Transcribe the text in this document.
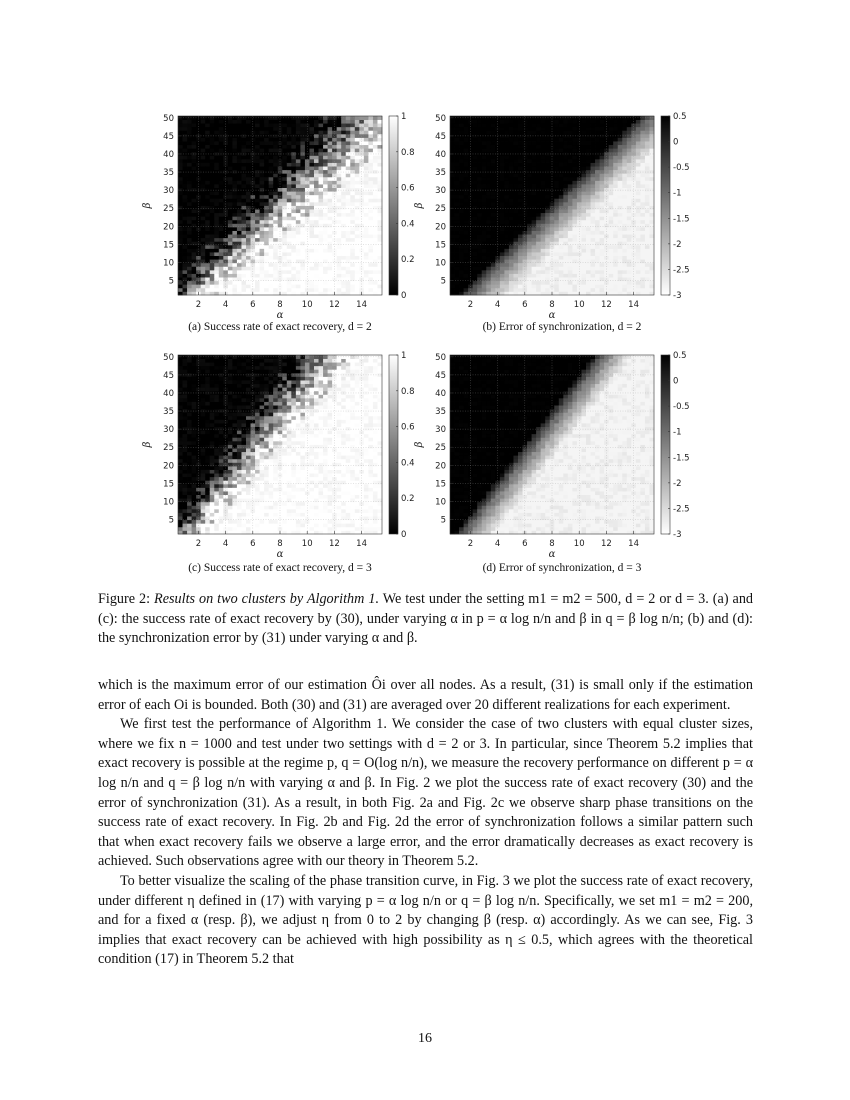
2	4	6	8 10 12 14
50
45
40
35
30
25
20
15
10
5
α
β
1
0.8
0.6
0.4
0.2
0
(a) Success rate of exact recovery, d = 2
2	4	6	8 10 12 14
50
45
40
35
30
25
20
15
10
5
α
β
0.5
0
-0.5
-1
-1.5
-2
-2.5
-3
(b) Error of synchronization, d = 2
2	4	6	8 10 12 14
50
45
40
35
30
25
20
15
10
5
α
β
1
0.8
0.6
0.4
0.2
0
(c) Success rate of exact recovery, d = 3
2	4	6	8 10 12 14
50
45
40
35
30
25
20
15
10
5
α
β
0.5
0
-0.5
-1
-1.5
-2
-2.5
-3
(d) Error of synchronization, d = 3
Figure 2: Results on two clusters by Algorithm 1. We test under the setting m1 = m2 = 500, d = 2 or d = 3. (a) and (c): the success rate of exact recovery by (30), under varying α in p = α log n/n and β in q = β log n/n; (b) and (d): the synchronization error by (31) under varying α and β.

which is the maximum error of our estimation Ôi over all nodes. As a result, (31) is small only if the estimation error of each Oi is bounded. Both (30) and (31) are averaged over 20 different realizations for each experiment.

We first test the performance of Algorithm 1. We consider the case of two clusters with equal cluster sizes, where we fix n = 1000 and test under two settings with d = 2 or 3. In particular, since Theorem 5.2 implies that exact recovery is possible at the regime p, q = O(log n/n), we measure the recovery performance on different p = α log n/n and q = β log n/n with varying α and β. In Fig. 2 we plot the success rate of exact recovery (30) and the error of synchronization (31). As a result, in both Fig. 2a and Fig. 2c we observe sharp phase transitions on the success rate of exact recovery. In Fig. 2b and Fig. 2d the error of synchronization follows a similar pattern such that when exact recovery fails we observe a large error, and the error dramatically decreases as exact recovery is achieved. Such observations agree with our theory in Theorem 5.2.

To better visualize the scaling of the phase transition curve, in Fig. 3 we plot the success rate of exact recovery, under different η defined in (17) with varying p = α log n/n or q = β log n/n. Specifically, we set m1 = m2 = 200, and for a fixed α (resp. β), we adjust η from 0 to 2 by changing β (resp. α) accordingly. As we can see, Fig. 3 implies that exact recovery can be achieved with high possibility as η ≤ 0.5, which agrees with the theoretical condition (17) in Theorem 5.2 that

16
